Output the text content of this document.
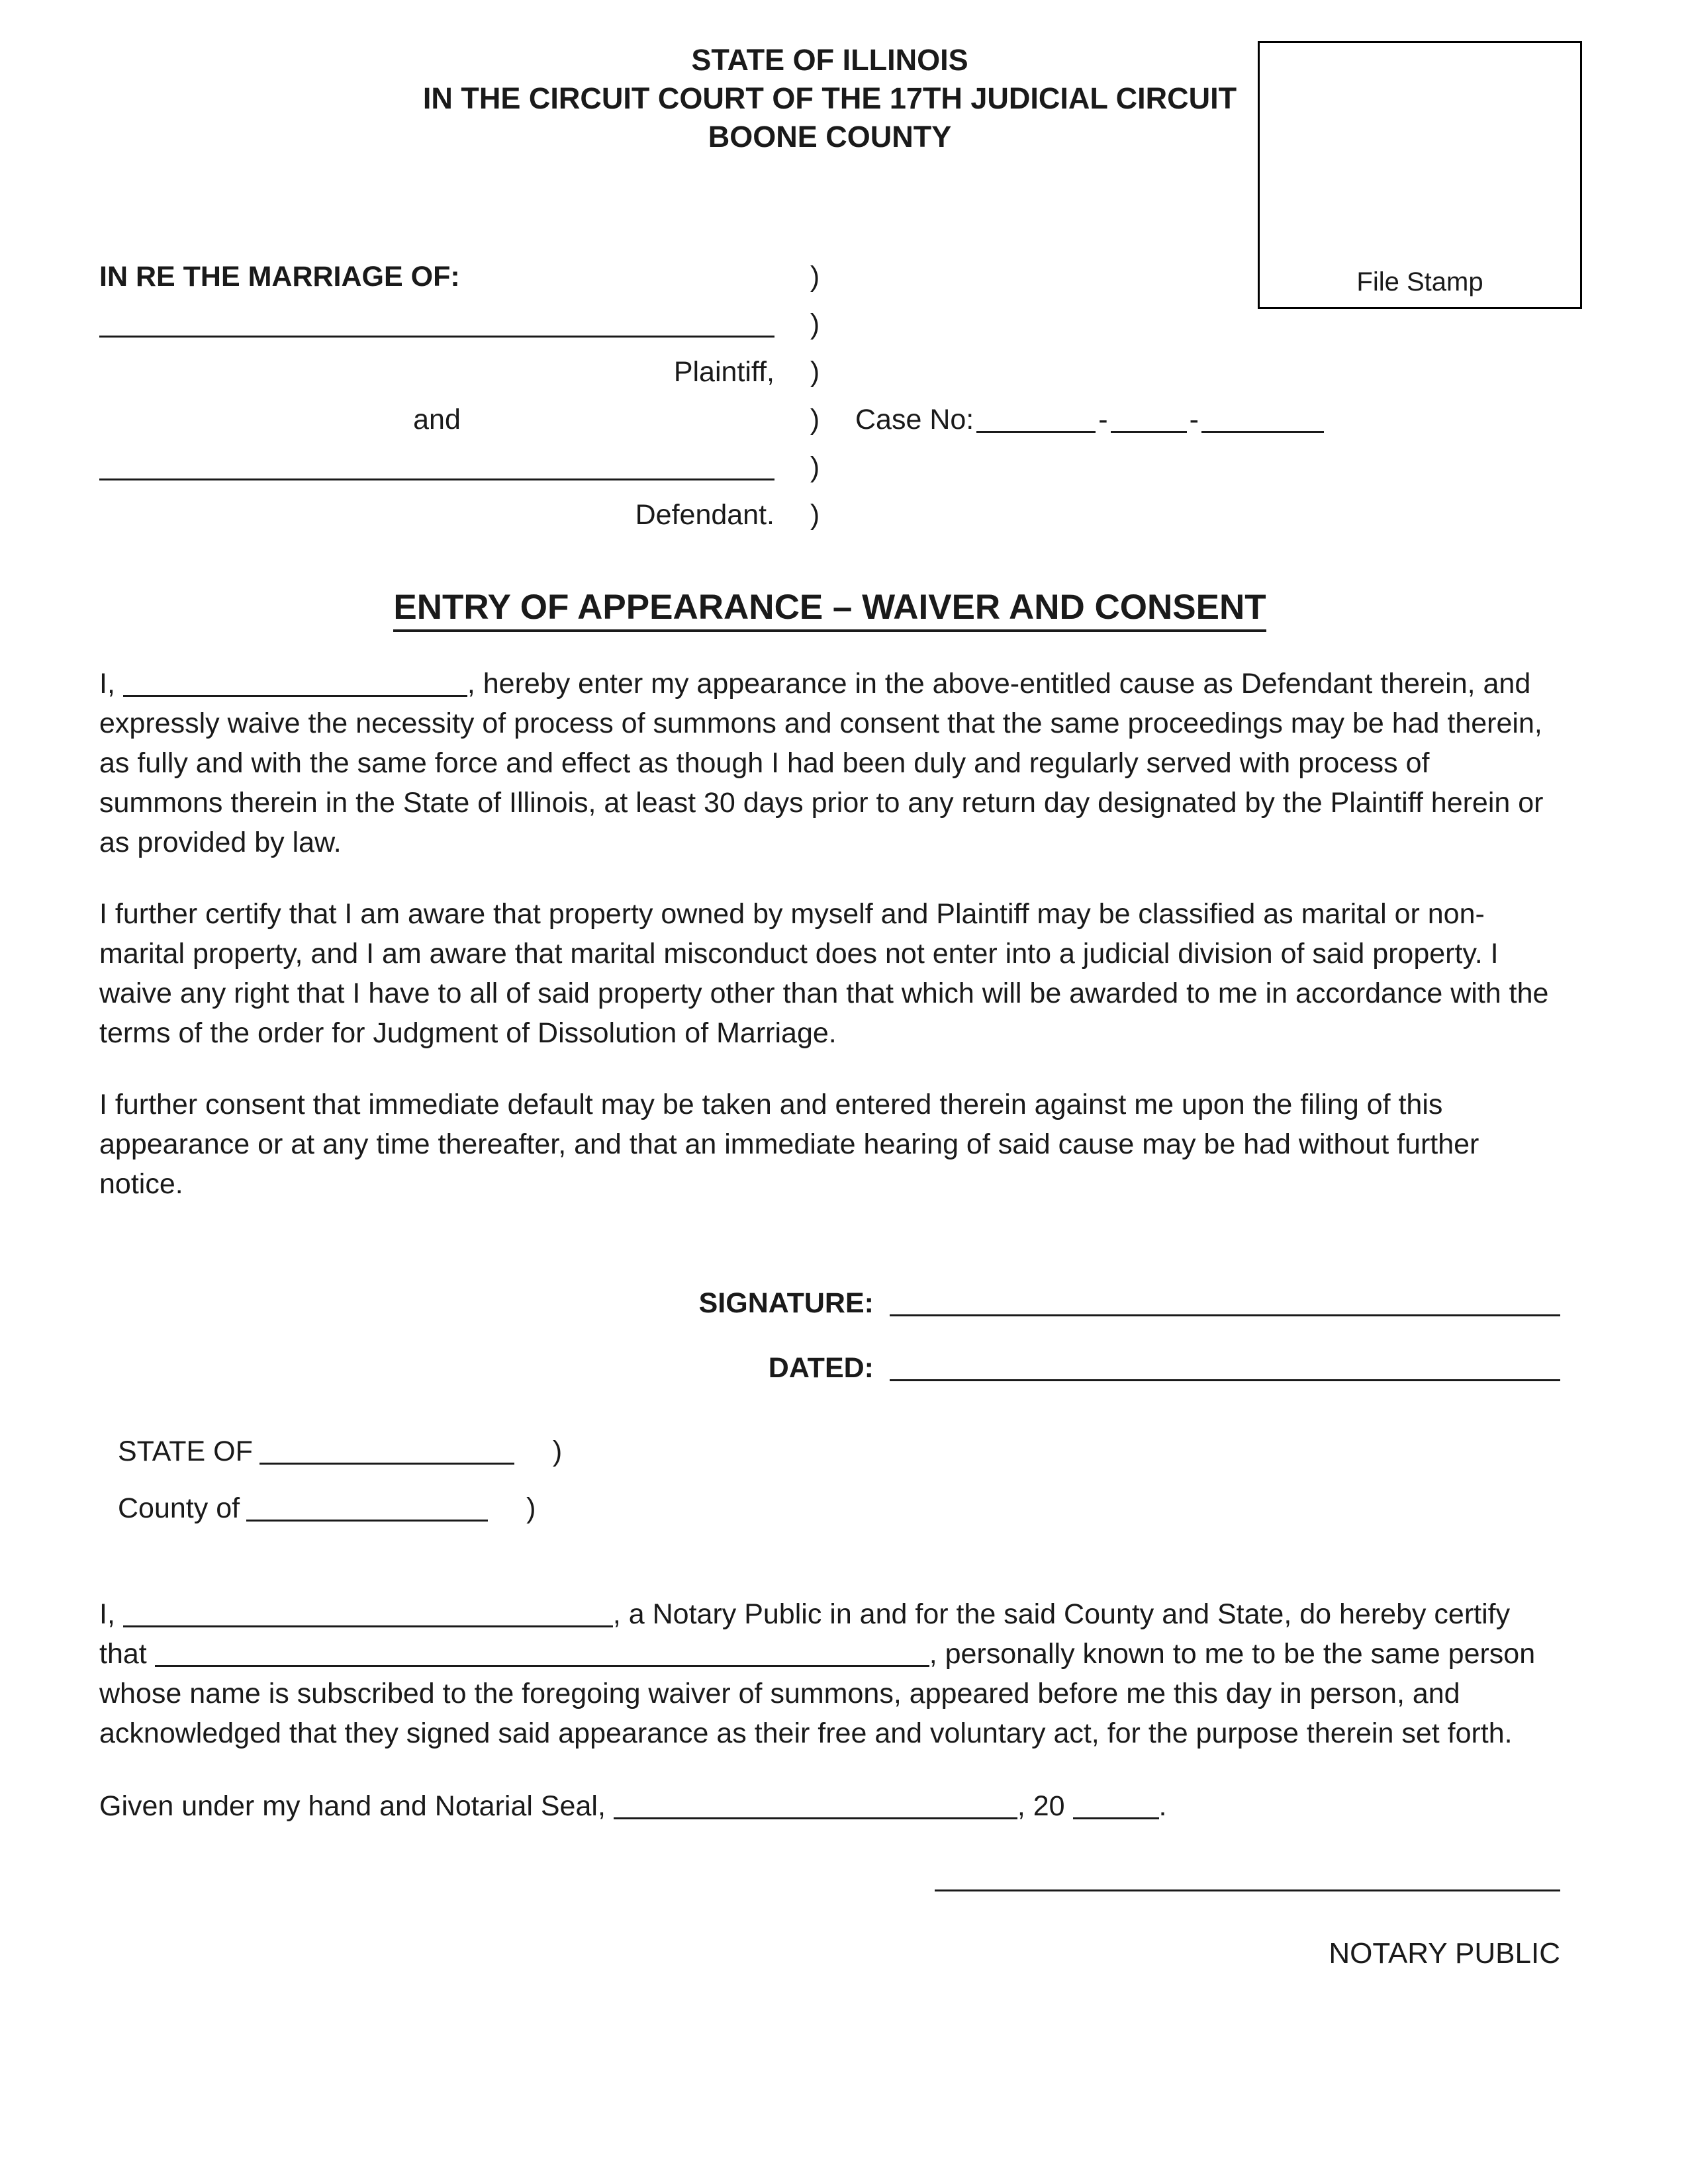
STATE OF ILLINOIS
IN THE CIRCUIT COURT OF THE 17TH JUDICIAL CIRCUIT
BOONE COUNTY
File Stamp
IN RE THE MARRIAGE OF:	)
)
Plaintiff,	)
and	)	Case No:	-	-
)
Defendant.	)
ENTRY OF APPEARANCE – WAIVER AND CONSENT

I,	, hereby enter my appearance in the above-entitled cause as Defendant therein, and expressly waive the necessity of process of summons and consent that the same proceedings may be had therein, as fully and with the same force and effect as though I had been duly and regularly served with process of summons therein in the State of Illinois, at least 30 days prior to any return day designated by the Plaintiff herein or as provided by law.

I further certify that I am aware that property owned by myself and Plaintiff may be classified as marital or non-marital property, and I am aware that marital misconduct does not enter into a judicial division of said property. I waive any right that I have to all of said property other than that which will be awarded to me in accordance with the terms of the order for Judgment of Dissolution of Marriage.

I further consent that immediate default may be taken and entered therein against me upon the filing of this appearance or at any time thereafter, and that an immediate hearing of said cause may be had without further notice.

SIGNATURE:
DATED:
STATE OF	)
County of	)

I,	, a Notary Public in and for the said County and State, do hereby certify that	, personally known to me to be the same person whose name is subscribed to the foregoing waiver of summons, appeared before me this day in person, and acknowledged that they signed said appearance as their free and voluntary act, for the purpose therein set forth.

Given under my hand and Notarial Seal,	, 20	.

NOTARY PUBLIC
